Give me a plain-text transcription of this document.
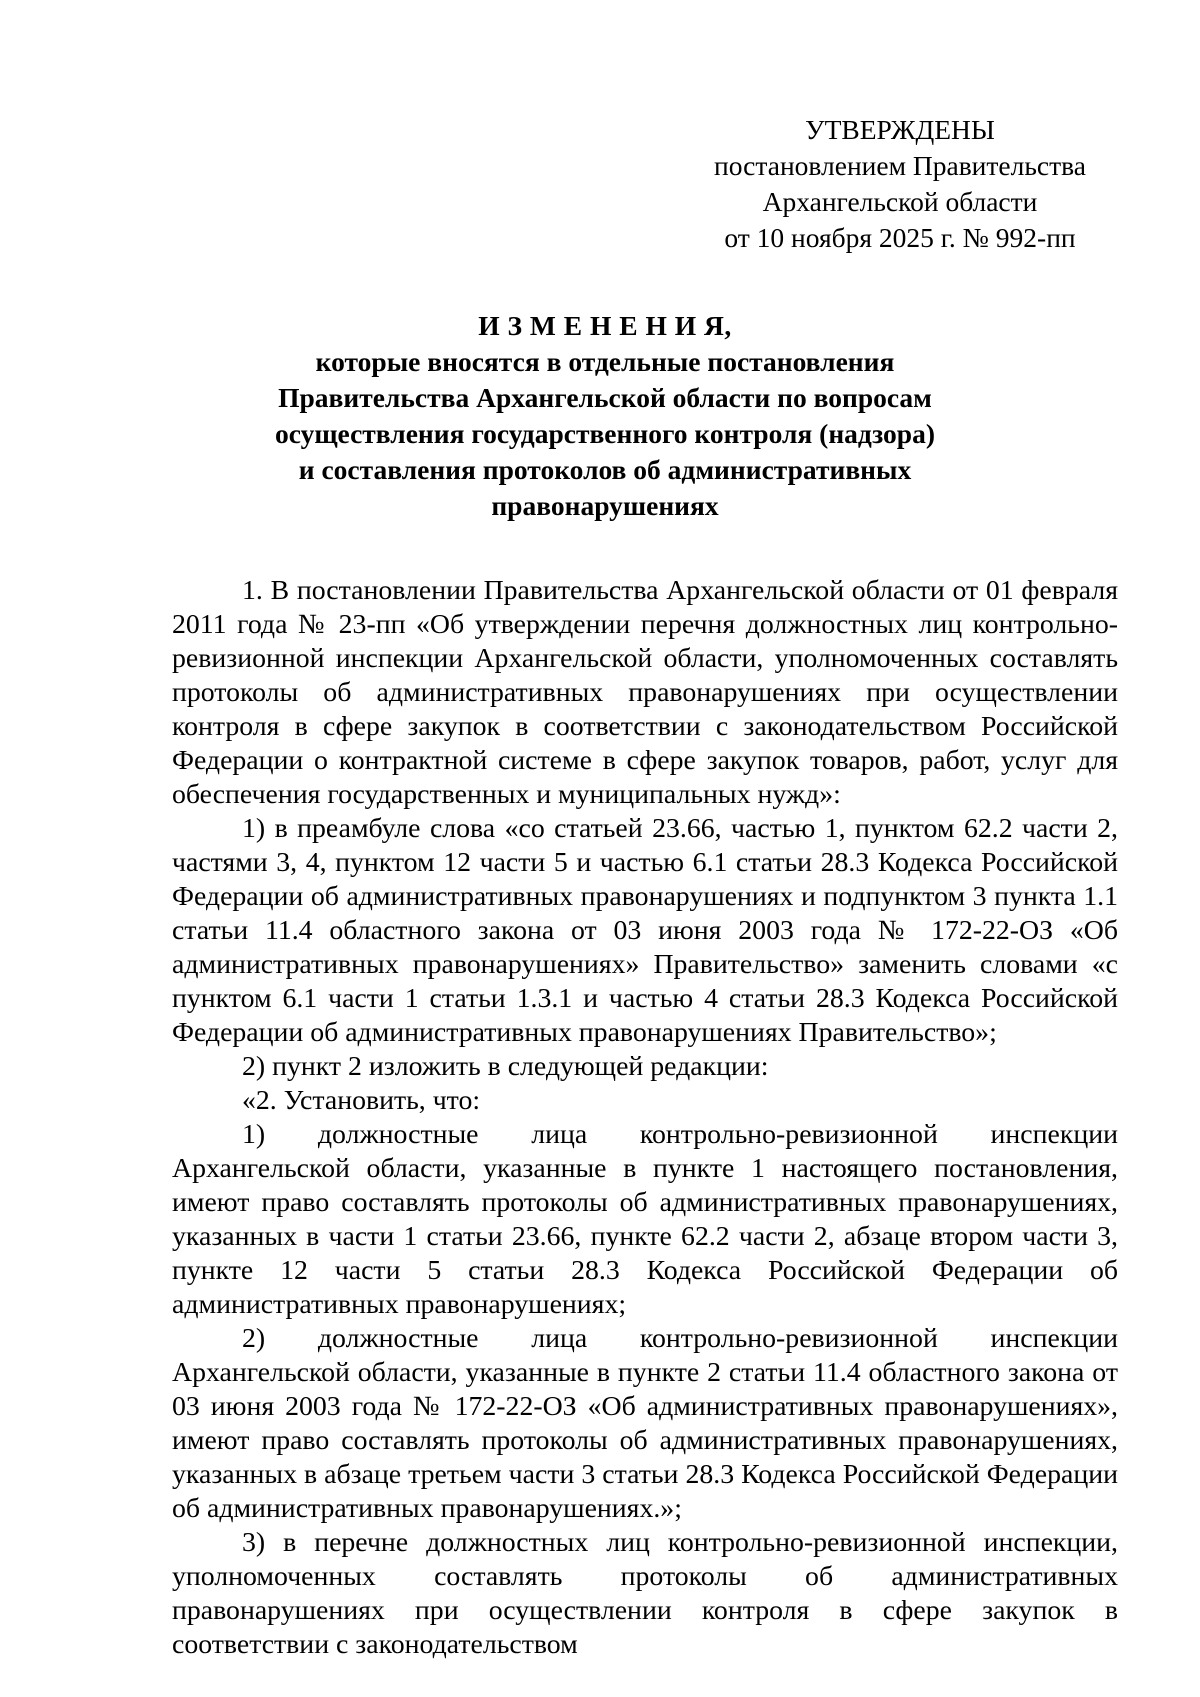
УТВЕРЖДЕНЫ
постановлением Правительства
Архангельской области
от 10 ноября 2025 г. № 992-пп
И З М Е Н Е Н И Я,
которые вносятся в отдельные постановления
Правительства Архангельской области по вопросам
осуществления государственного контроля (надзора)
и составления протоколов об административных
правонарушениях

1. В постановлении Правительства Архангельской области от 01 февраля 2011 года № 23-пп «Об утверждении перечня должностных лиц контрольно-ревизионной инспекции Архангельской области, уполномоченных составлять протоколы об административных правонарушениях при осуществлении контроля в сфере закупок в соответствии с законодательством Российской Федерации о контрактной системе в сфере закупок товаров, работ, услуг для обеспечения государственных и муниципальных нужд»:

1) в преамбуле слова «со статьей 23.66, частью 1, пунктом 62.2 части 2, частями 3, 4, пунктом 12 части 5 и частью 6.1 статьи 28.3 Кодекса Российской Федерации об административных правонарушениях и подпунктом 3 пункта 1.1 статьи 11.4 областного закона от 03 июня 2003 года № 172-22-ОЗ «Об административных правонарушениях» Правительство» заменить словами «с пунктом 6.1 части 1 статьи 1.3.1 и частью 4 статьи 28.3 Кодекса Российской Федерации об административных правонарушениях Правительство»;

2) пункт 2 изложить в следующей редакции:

«2. Установить, что:

1) должностные лица контрольно-ревизионной инспекции Архангельской области, указанные в пункте 1 настоящего постановления, имеют право составлять протоколы об административных правонарушениях, указанных в части 1 статьи 23.66, пункте 62.2 части 2, абзаце втором части 3, пункте 12 части 5 статьи 28.3 Кодекса Российской Федерации об административных правонарушениях;

2) должностные лица контрольно-ревизионной инспекции Архангельской области, указанные в пункте 2 статьи 11.4 областного закона от 03 июня 2003 года № 172-22-ОЗ «Об административных правонарушениях», имеют право составлять протоколы об административных правонарушениях, указанных в абзаце третьем части 3 статьи 28.3 Кодекса Российской Федерации об административных правонарушениях.»;

3) в перечне должностных лиц контрольно-ревизионной инспекции, уполномоченных составлять протоколы об административных правонарушениях при осуществлении контроля в сфере закупок в соответствии с законодательством
